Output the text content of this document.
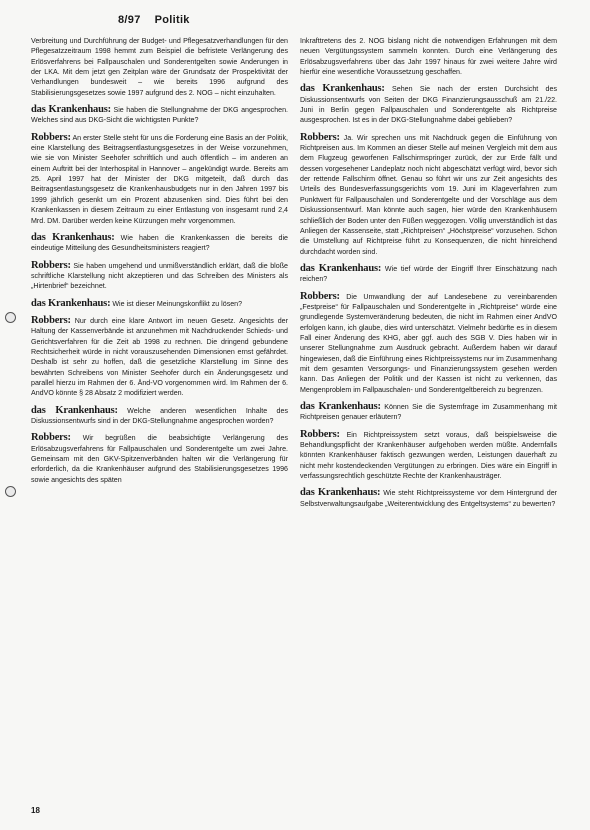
8/97 Politik

Verbreitung und Durchführung der Budget- und Pflegesatzverhandlungen für den Pflegesatzzeitraum 1998 hemmt zum Beispiel die befristete Verlängerung des Erlösverfahrens bei Fallpauschalen und Sonderentgelten sowie Anderungen in der LKA. Mit dem jetzt gen Zeitplan wäre der Grundsatz der Prospektivität der Verhandlungen bundesweit – wie bereits 1996 aufgrund des Stabilisierungsgesetzes sowie 1997 aufgrund des 2. NOG – nicht einzuhalten.

das Krankenhaus: Sie haben die Stellungnahme der DKG angesprochen. Welches sind aus DKG-Sicht die wichtigsten Punkte?

Robbers: An erster Stelle steht für uns die Forderung eine Basis an der Politik, eine Klarstellung des Beitragsentlastungsgesetzes in der Weise vorzunehmen, wie sie von Minister Seehofer schriftlich und auch öffentlich – im anderen an einem Auftritt bei der Interhospital in Hannover – angekündigt wurde. Bereits am 25. April 1997 hat der Minister der DKG mitgeteilt, daß durch das Beitragsentlastungsgesetz die Krankenhausbudgets nur in den Jahren 1997 bis 1999 jährlich gesenkt um ein Prozent abzusenken sind. Dies führt bei den Krankenkassen in diesem Zeitraum zu einer Entlastung von insgesamt rund 2,4 Mrd. DM. Darüber werden keine Kürzungen mehr vorgenommen.

das Krankenhaus: Wie haben die Krankenkassen die bereits die eindeutige Mitteilung des Gesundheitsministers reagiert?

Robbers: Sie haben umgehend und unmißverständlich erklärt, daß die bloße schriftliche Klarstellung nicht akzeptieren und das Schreiben des Ministers als „Hirtenbrief“ bezeichnet.

das Krankenhaus: Wie ist dieser Meinungskonflikt zu lösen?

Robbers: Nur durch eine klare Antwort im neuen Gesetz. Angesichts der Haltung der Kassenverbände ist anzunehmen mit Nachdruckender Schieds- und Gerichtsverfahren für die Zeit ab 1998 zu rechnen. Die dringend gebundene Rechtsicherheit würde in nicht vorauszusehenden Dimensionen ernst gefährdet. Deshalb ist sehr zu hoffen, daß die gesetzliche Klarstellung im Sinne des bewährten Schreibens von Minister Seehofer durch ein Änderungsgesetz und parallel hierzu im Rahmen der 6. Änd-VO vorgenommen wird. Im Rahmen der 6. AndVO könnte § 28 Absatz 2 modifiziert werden.

das Krankenhaus: Welche anderen wesentlichen Inhalte des Diskussionsentwurfs sind in der DKG-Stellungnahme angesprochen worden?

Robbers: Wir begrüßen die beabsichtigte Verlängerung des Erlösabzugsverfahrens für Fallpauschalen und Sonderentgelte um zwei Jahre. Gemeinsam mit den GKV-Spitzenverbänden halten wir die Verlängerung für erforderlich, da die Krankenhäuser aufgrund des Stabilisierungsgesetzes 1996 sowie angesichts des späten

Inkrafttretens des 2. NOG bislang nicht die notwendigen Erfahrungen mit dem neuen Vergütungssystem sammeln konnten. Durch eine Verlängerung des Erlösabzugsverfahrens über das Jahr 1997 hinaus für zwei weitere Jahre wird hierfür eine wesentliche Voraussetzung geschaffen.

das Krankenhaus: Sehen Sie nach der ersten Durchsicht des Diskussionsentwurfs von Seiten der DKG Finanzierungsausschuß am 21./22. Juni in Berlin gegen Fallpauschalen und Sonderentgelte als Richtpreise ausgesprochen. Ist es in der DKG-Stellungnahme dabei geblieben?

Robbers: Ja. Wir sprechen uns mit Nachdruck gegen die Einführung von Richtpreisen aus. Im Kommen an dieser Stelle auf meinen Vergleich mit dem aus dem Flugzeug geworfenen Fallschirmspringer zurück, der zur Erde fällt und dessen vorgesehener Landeplatz noch nicht abgeschätzt verfügt wird, bevor sich der rettende Fallschirm öffnet. Genau so führt wir uns zur Zeit angesichts des Urteils des Bundesverfassungsgerichts vom 19. Juni im Klageverfahren zum Punktwert für Fallpauschalen und Sonderentgelte und der Vorschläge aus dem Diskussionsentwurf. Man könnte auch sagen, hier würde den Krankenhäusern schließlich der Boden unter den Füßen weggezogen. Völlig unverständlich ist das Anliegen der Kassenseite, statt „Richtpreisen“ „Höchstpreise“ vorzusehen. Schon die Umstellung auf Richtpreise führt zu Konsequenzen, die nicht hinreichend durchdacht worden sind.

das Krankenhaus: Wie tief würde der Eingriff Ihrer Einschätzung nach reichen?

Robbers: Die Umwandlung der auf Landesebene zu vereinbarenden „Festpreise“ für Fallpauschalen und Sonderentgelte in „Richtpreise“ würde eine grundlegende Systemveränderung bedeuten, die nicht im Rahmen einer AndVO erfolgen kann, ich glaube, dies wird unterschätzt. Vielmehr bedürfte es in diesem Fall einer Änderung des KHG, aber ggf. auch des SGB V. Dies haben wir in unserer Stellungnahme zum Ausdruck gebracht. Außerdem haben wir darauf hingewiesen, daß die Einführung eines Richtpreissystems nur im Zusammenhang mit dem gesamten Versorgungs- und Finanzierungssystem gesehen werden kann. Das Anliegen der Politik und der Kassen ist nicht zu verkennen, das Mengenproblem im Fallpauschalen- und Sonderentgeltbereich zu begrenzen.

das Krankenhaus: Können Sie die Systemfrage im Zusammenhang mit Richtpreisen genauer erläutern?

Robbers: Ein Richtpreissystem setzt voraus, daß beispielsweise die Behandlungspflicht der Krankenhäuser aufgehoben werden müßte. Andernfalls könnten Krankenhäuser faktisch gezwungen werden, Leistungen dauerhaft zu nicht mehr kostendeckenden Vergütungen zu erbringen. Dies wäre ein Eingriff in verfassungsrechtlich geschützte Rechte der Krankenhausträger.

das Krankenhaus: Wie steht Richtpreissysteme vor dem Hintergrund der Selbstverwaltungsaufgabe „Weiterentwicklung des Entgeltsystems“ zu bewerten?

18
